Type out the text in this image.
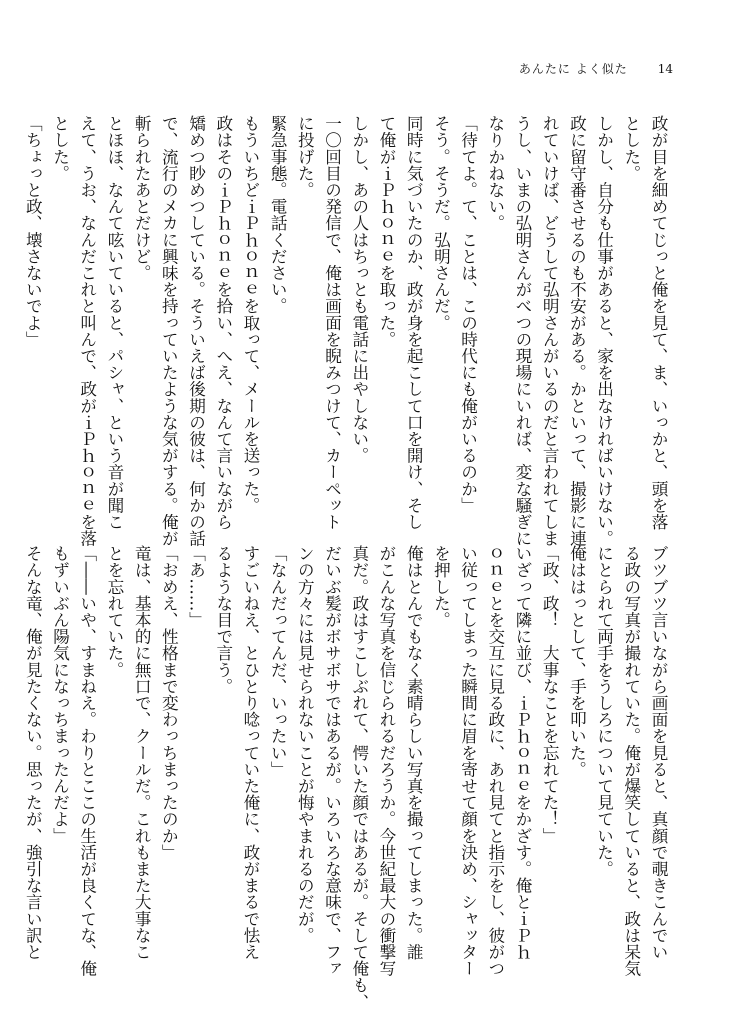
あんたに よく似た	14
政が目を細めてじっと俺を見て、ま、いっかと、頭を落
とした。
しかし、自分も仕事があると、家を出なければいけない。
政に留守番させるのも不安がある。かといって、撮影に連
れていけば、どうして弘明さんがいるのだと言われてしま
うし、いまの弘明さんがべつの現場にいれば、変な騒ぎに
なりかねない。
「待てよ。て、ことは、この時代にも俺がいるのか」
そう。そうだ。弘明さんだ。
同時に気づいたのか、政が身を起こして口を開け、そし
て俺がｉＰｈｏｎｅを取った。
しかし、あの人はちっとも電話に出やしない。
一〇回目の発信で、俺は画面を睨みつけて、カーペット
に投げた。
緊急事態。電話ください。
もういちどｉＰｈｏｎｅを取って、メールを送った。
政はそのｉＰｈｏｎｅを拾い、へえ、なんて言いながら
矯めつ眇めつしている。そういえば後期の彼は、何かの話
で、流行のメカに興味を持っていたような気がする。俺が
斬られたあとだけど。
とほほ、なんて呟いていると、パシャ、という音が聞こ
えて、うお、なんだこれと叫んで、政がｉＰｈｏｎｅを落
とした。
「ちょっと政、壊さないでよ」
ブツブツ言いながら画面を見ると、真顔で覗きこんでい
る政の写真が撮れていた。俺が爆笑していると、政は呆気
にとられて両手をうしろについて見ていた。
俺ははっとして、手を叩いた。
「政、政！　大事なことを忘れてた！」
いざって隣に並び、ｉＰｈｏｎｅをかざす。俺とｉＰｈ
ｏｎｅとを交互に見る政に、あれ見てと指示をし、彼がつ
い従ってしまった瞬間に眉を寄せて顔を決め、シャッター
を押した。
俺はとんでもなく素晴らしい写真を撮ってしまった。誰
がこんな写真を信じられるだろうか。今世紀最大の衝撃写
真だ。政はすこしぶれて、愕いた顔ではあるが。そして俺も、
だいぶ髪がボサボサではあるが。いろいろな意味で、ファ
ンの方々には見せられないことが悔やまれるのだが。
「なんだってんだ、いったい」
すごいねえ、とひとり唸っていた俺に、政がまるで怯え
るような目で言う。
「あ……」
「おめえ、性格まで変わっちまったのか」
竜は、基本的に無口で、クールだ。これもまた大事なこ
とを忘れていた。
「――いや、すまねえ。わりとここの生活が良くてな、俺
もずいぶん陽気になっちまったんだよ」
そんな竜、俺が見たくない。思ったが、強引な言い訳と
